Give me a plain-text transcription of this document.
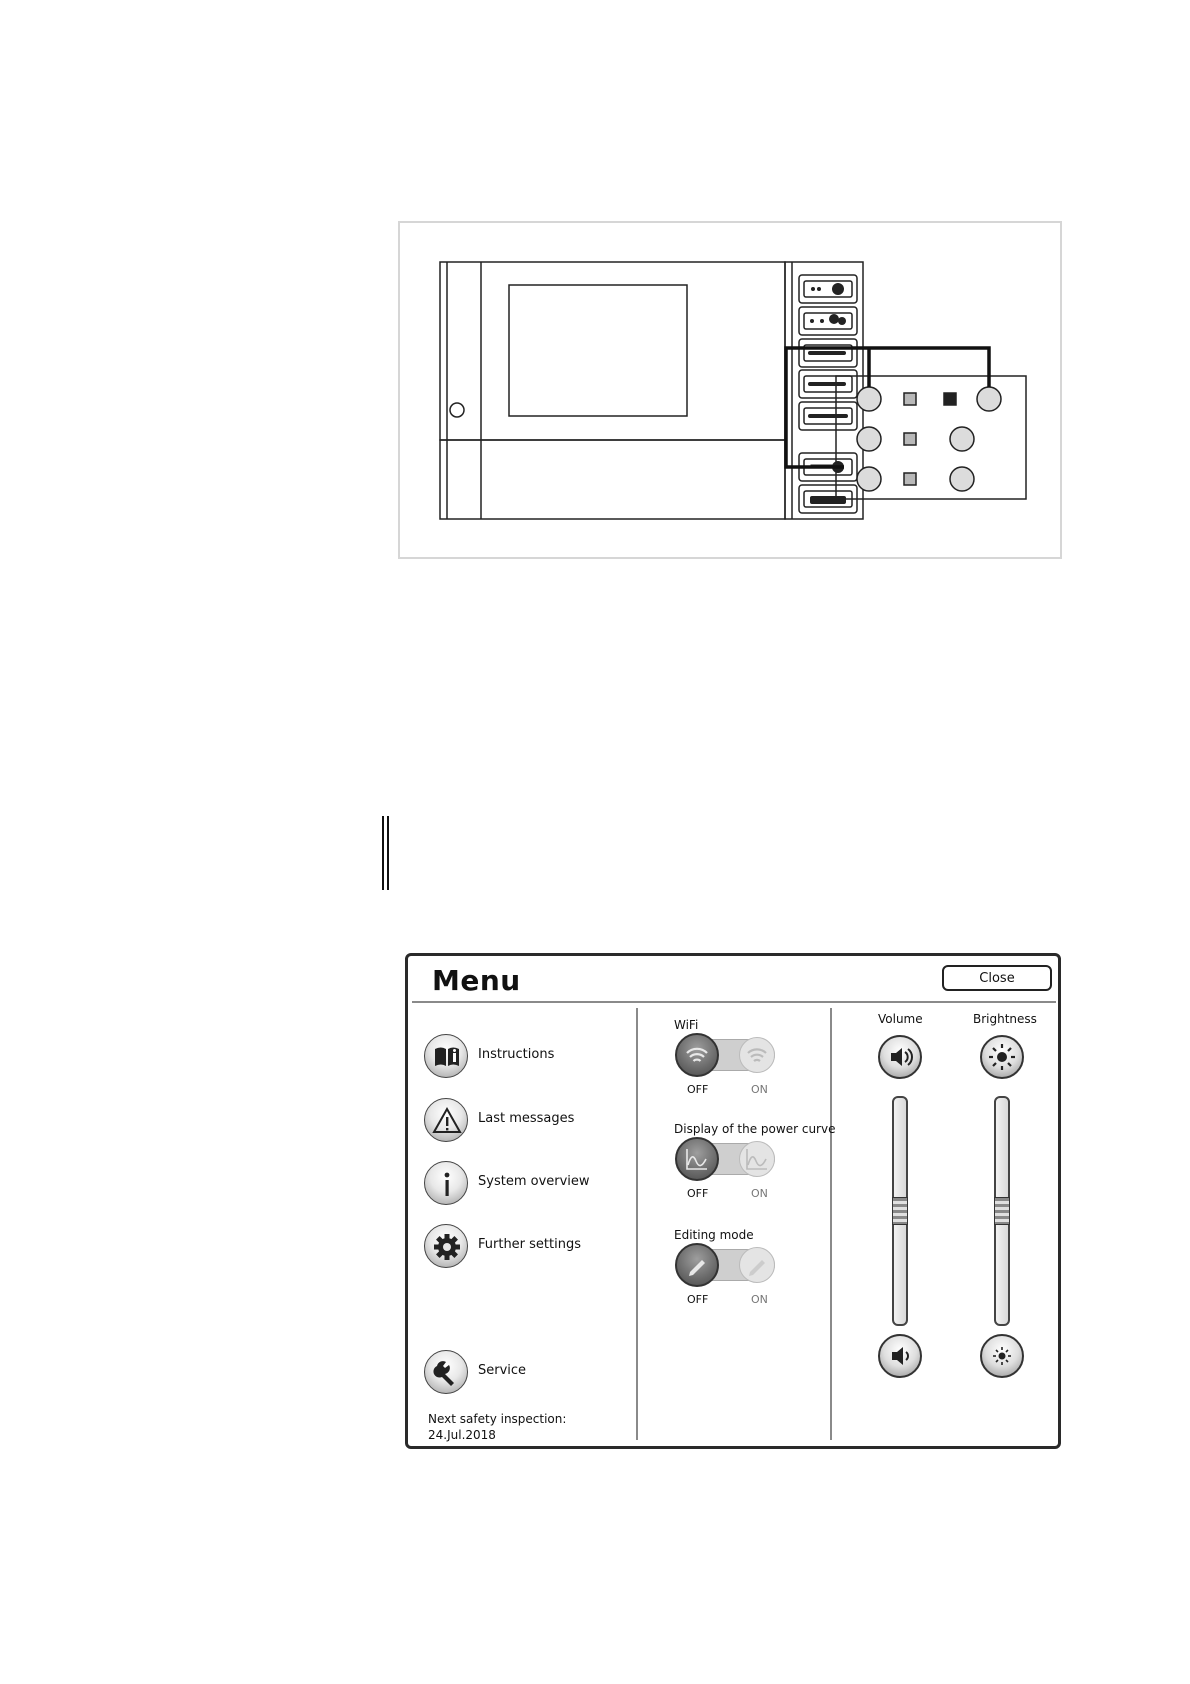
Menu	Close
Instructions
Last messages
System overview
Further settings
Service
Next safety inspection:
24.Jul.2018
WiFi
OFF	ON
Display of the power curve
OFF	ON
Editing mode
OFF	ON
Volume	Brightness
